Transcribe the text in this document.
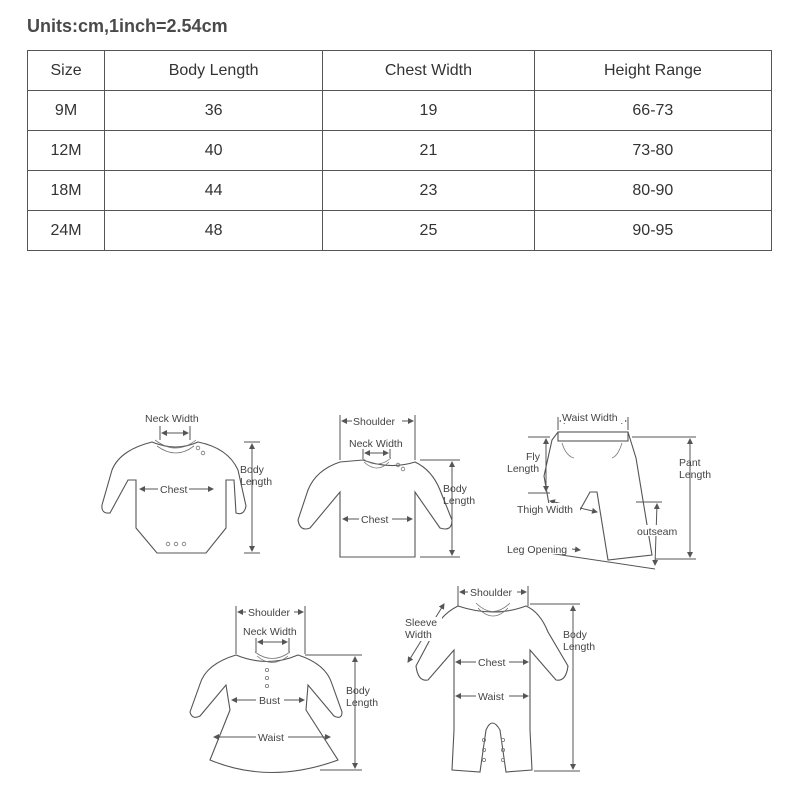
Units:cm,1inch=2.54cm
Size	Body Length	Chest Width	Height Range
9M	36	19	66-73
12M	40	21	73-80
18M	44	23	80-90
24M	48	25	90-95
Neck Width
Chest
Body
Length
Shoulder
Neck Width
Chest
Body
Length
Waist Width
Fly
Length	Pant
Length
Thigh Width
outseam
Leg Opening
Shoulder
Neck Width
Bust
Waist
Body
Length
Shoulder
Sleeve
Width
Chest
Waist
Body
Length
